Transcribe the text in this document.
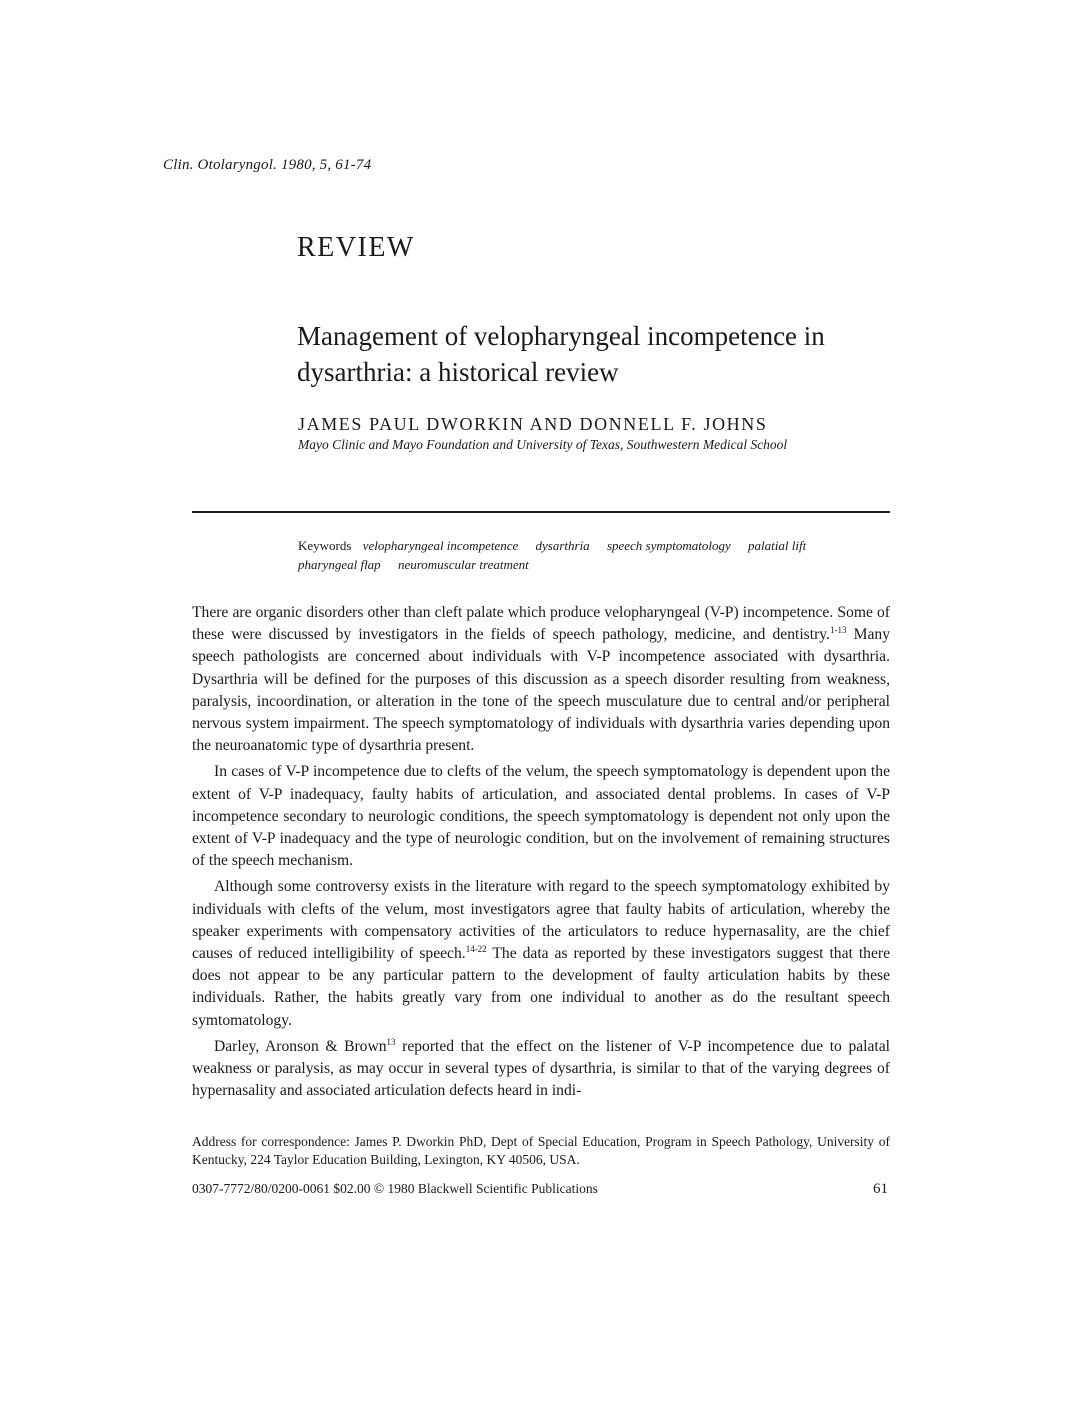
Clin. Otolaryngol. 1980, 5, 61-74
REVIEW
Management of velopharyngeal incompetence in dysarthria: a historical review
JAMES PAUL DWORKIN AND DONNELL F. JOHNS
Mayo Clinic and Mayo Foundation and University of Texas, Southwestern Medical School
Keywords velopharyngeal incompetence dysarthria speech symptomatology palatial lift pharyngeal flap neuromuscular treatment

There are organic disorders other than cleft palate which produce velopharyngeal (V-P) incompetence. Some of these were discussed by investigators in the fields of speech pathology, medicine, and dentistry.$^{1-13}$ Many speech pathologists are concerned about individuals with V-P incompetence associated with dysarthria. Dysarthria will be defined for the purposes of this discussion as a speech disorder resulting from weakness, paralysis, incoordination, or alteration in the tone of the speech musculature due to central and/or peripheral nervous system impairment. The speech symptomatology of individuals with dysarthria varies depending upon the neuroanatomic type of dysarthria present.

In cases of V-P incompetence due to clefts of the velum, the speech symptomatology is dependent upon the extent of V-P inadequacy, faulty habits of articulation, and associated dental problems. In cases of V-P incompetence secondary to neurologic conditions, the speech symptomatology is dependent not only upon the extent of V-P inadequacy and the type of neurologic condition, but on the involvement of remaining structures of the speech mechanism.

Although some controversy exists in the literature with regard to the speech symptomatology exhibited by individuals with clefts of the velum, most investigators agree that faulty habits of articulation, whereby the speaker experiments with compensatory activities of the articulators to reduce hypernasality, are the chief causes of reduced intelligibility of speech.$^{14-22}$ The data as reported by these investigators suggest that there does not appear to be any particular pattern to the development of faulty articulation habits by these individuals. Rather, the habits greatly vary from one individual to another as do the resultant speech symtomatology.

Darley, Aronson & Brown$^{13}$ reported that the effect on the listener of V-P incompetence due to palatal weakness or paralysis, as may occur in several types of dysarthria, is similar to that of the varying degrees of hypernasality and associated articulation defects heard in indi-

Address for correspondence: James P. Dworkin PhD, Dept of Special Education, Program in Speech Pathology, University of Kentucky, 224 Taylor Education Building, Lexington, KY 40506, USA.
0307-7772/80/0200-0061 $02.00 © 1980 Blackwell Scientific Publications	61
